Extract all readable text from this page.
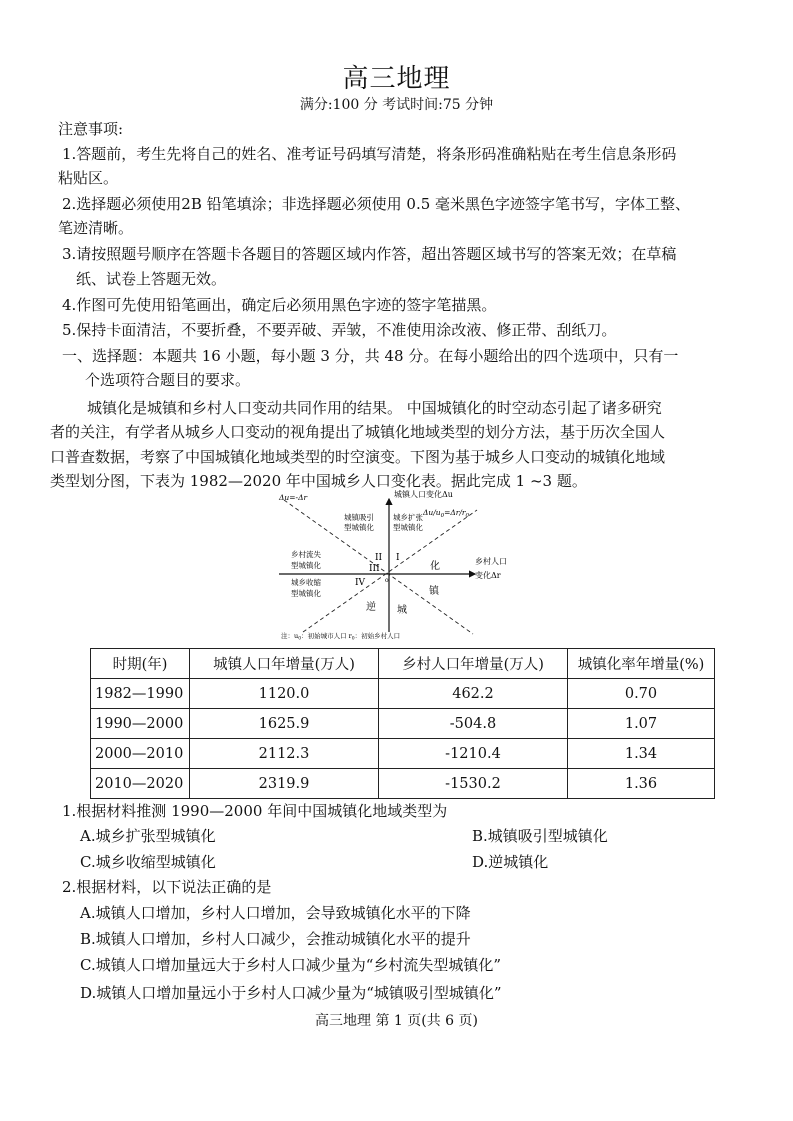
高三地理
满分:100 分 考试时间:75 分钟
注意事项:
1.答题前，考生先将自己的姓名、准考证号码填写清楚，将条形码准确粘贴在考生信息条形码
粘贴区。
2.选择题必须使用2B 铅笔填涂；非选择题必须使用 0.5 毫米黑色字迹签字笔书写，字体工整、
笔迹清晰。
3.请按照题号顺序在答题卡各题目的答题区域内作答，超出答题区域书写的答案无效；在草稿
纸、试卷上答题无效。
4.作图可先使用铅笔画出，确定后必须用黑色字迹的签字笔描黑。
5.保持卡面清洁，不要折叠，不要弄破、弄皱，不准使用涂改液、修正带、刮纸刀。
一、选择题：本题共 16 小题，每小题 3 分，共 48 分。在每小题给出的四个选项中，只有一
个选项符合题目的要求。
城镇化是城镇和乡村人口变动共同作用的结果。 中国城镇化的时空动态引起了诸多研究
者的关注，有学者从城乡人口变动的视角提出了城镇化地域类型的划分方法，基于历次全国人
口普查数据，考察了中国城镇化地域类型的时空演变。下图为基于城乡人口变动的城镇化地域
类型划分图，下表为 1982—2020 年中国城乡人口变化表。据此完成 1 ~3 题。
城镇人口变化Δu
Δu=-Δr
$\Delta u/u_0=\Delta r/r_0$
乡村人口
变化Δr
城镇吸引
型城镇化
城乡扩张
型城镇化
乡村流失
型城镇化
城乡收缩
型城镇化
I
II
III
IV	o
化
镇
城
逆
注：$u_0$：初始城市人口 $r_0$：初始乡村人口
时期(年)	城镇人口年增量(万人)	乡村人口年增量(万人)	城镇化率年增量(%)
1982—1990	1120.0	462.2	0.70
1990—2000	1625.9	-504.8	1.07
2000—2010	2112.3	-1210.4	1.34
2010—2020	2319.9	-1530.2	1.36
1.根据材料推测 1990—2000 年间中国城镇化地域类型为
A.城乡扩张型城镇化	B.城镇吸引型城镇化
C.城乡收缩型城镇化	D.逆城镇化
2.根据材料，以下说法正确的是
A.城镇人口增加，乡村人口增加，会导致城镇化水平的下降
B.城镇人口增加，乡村人口减少，会推动城镇化水平的提升
C.城镇人口增加量远大于乡村人口减少量为“乡村流失型城镇化”
D.城镇人口增加量远小于乡村人口减少量为“城镇吸引型城镇化”
高三地理 第 1 页(共 6 页)
